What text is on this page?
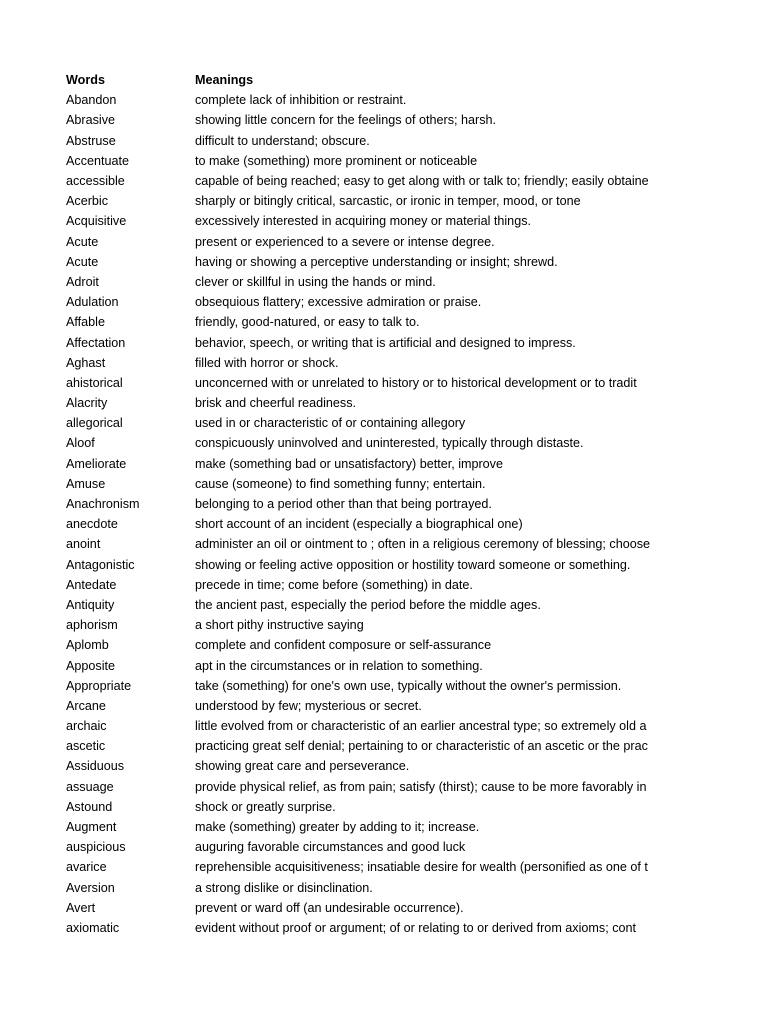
Words	Meanings
Abandon	complete lack of inhibition or restraint.
Abrasive	showing little concern for the feelings of others; harsh.
Abstruse	difficult to understand; obscure.
Accentuate	to make (something) more prominent or noticeable
accessible	capable of being reached; easy to get along with or talk to; friendly; easily obtaine
Acerbic	sharply or bitingly critical, sarcastic, or ironic in temper, mood, or tone
Acquisitive	excessively interested in acquiring money or material things.
Acute	present or experienced to a severe or intense degree.
Acute	having or showing a perceptive understanding or insight; shrewd.
Adroit	clever or skillful in using the hands or mind.
Adulation	obsequious flattery; excessive admiration or praise.
Affable	friendly, good-natured, or easy to talk to.
Affectation	behavior, speech, or writing that is artificial and designed to impress.
Aghast	filled with horror or shock.
ahistorical	unconcerned with or unrelated to history or to historical development or to tradit
Alacrity	brisk and cheerful readiness.
allegorical	used in or characteristic of or containing allegory
Aloof	conspicuously uninvolved and uninterested, typically through distaste.
Ameliorate	make (something bad or unsatisfactory) better, improve
Amuse	cause (someone) to find something funny; entertain.
Anachronism	belonging to a period other than that being portrayed.
anecdote	short account of an incident (especially a biographical one)
anoint	administer an oil or ointment to ; often in a religious ceremony of blessing; choose
Antagonistic	showing or feeling active opposition or hostility toward someone or something.
Antedate	precede in time; come before (something) in date.
Antiquity	the ancient past, especially the period before the middle ages.
aphorism	a short pithy instructive saying
Aplomb	complete and confident composure or self-assurance
Apposite	apt in the circumstances or in relation to something.
Appropriate	take (something) for one's own use, typically without the owner's permission.
Arcane	understood by few; mysterious or secret.
archaic	little evolved from or characteristic of an earlier ancestral type; so extremely old a
ascetic	practicing great self denial; pertaining to or characteristic of an ascetic or the prac
Assiduous	showing great care and perseverance.
assuage	provide physical relief, as from pain; satisfy (thirst); cause to be more favorably in
Astound	shock or greatly surprise.
Augment	make (something) greater by adding to it; increase.
auspicious	auguring favorable circumstances and good luck
avarice	reprehensible acquisitiveness; insatiable desire for wealth (personified as one of t
Aversion	a strong dislike or disinclination.
Avert	prevent or ward off (an undesirable occurrence).
axiomatic	evident without proof or argument; of or relating to or derived from axioms; cont
